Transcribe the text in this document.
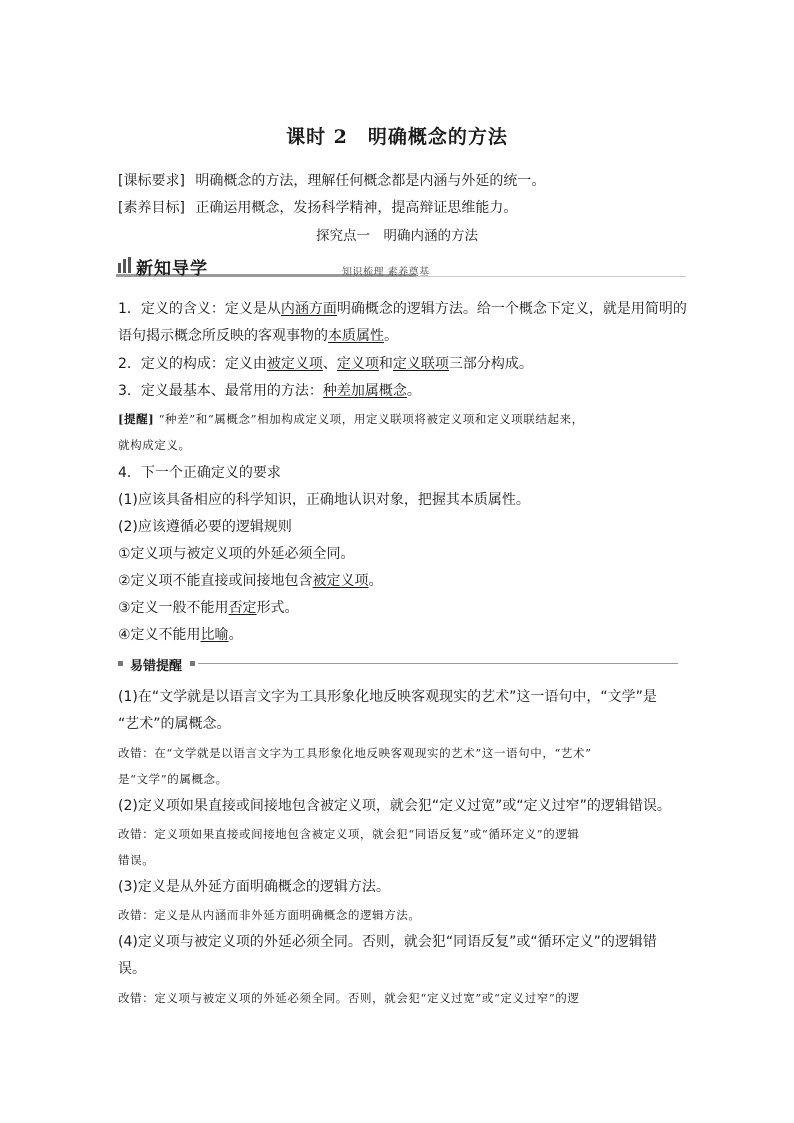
课时 2 明确概念的方法
[课标要求] 明确概念的方法，理解任何概念都是内涵与外延的统一。
[素养目标] 正确运用概念，发扬科学精神，提高辩证思维能力。
探究点一　明确内涵的方法
新知导学	知识梳理 素养奠基
1．定义的含义：定义是从内涵方面明确概念的逻辑方法。给一个概念下定义，就是用简明的
语句揭示概念所反映的客观事物的本质属性。
2．定义的构成：定义由被定义项、定义项和定义联项三部分构成。
3．定义最基本、最常用的方法：种差加属概念。
[提醒] “种差”和“属概念”相加构成定义项，用定义联项将被定义项和定义项联结起来，
就构成定义。
4．下一个正确定义的要求
(1)应该具备相应的科学知识，正确地认识对象，把握其本质属性。
(2)应该遵循必要的逻辑规则
①定义项与被定义项的外延必须全同。
②定义项不能直接或间接地包含被定义项。
③定义一般不能用否定形式。
④定义不能用比喻。
易错提醒
(1)在“文学就是以语言文字为工具形象化地反映客观现实的艺术”这一语句中，“文学”是
“艺术”的属概念。
改错：在“文学就是以语言文字为工具形象化地反映客观现实的艺术”这一语句中，“艺术”
是“文学”的属概念。
(2)定义项如果直接或间接地包含被定义项，就会犯“定义过宽”或“定义过窄”的逻辑错误。
改错：定义项如果直接或间接地包含被定义项，就会犯“同语反复”或“循环定义”的逻辑
错误。
(3)定义是从外延方面明确概念的逻辑方法。
改错：定义是从内涵而非外延方面明确概念的逻辑方法。
(4)定义项与被定义项的外延必须全同。否则，就会犯“同语反复”或“循环定义”的逻辑错
误。
改错：定义项与被定义项的外延必须全同。否则，就会犯“定义过宽”或“定义过窄”的逻
